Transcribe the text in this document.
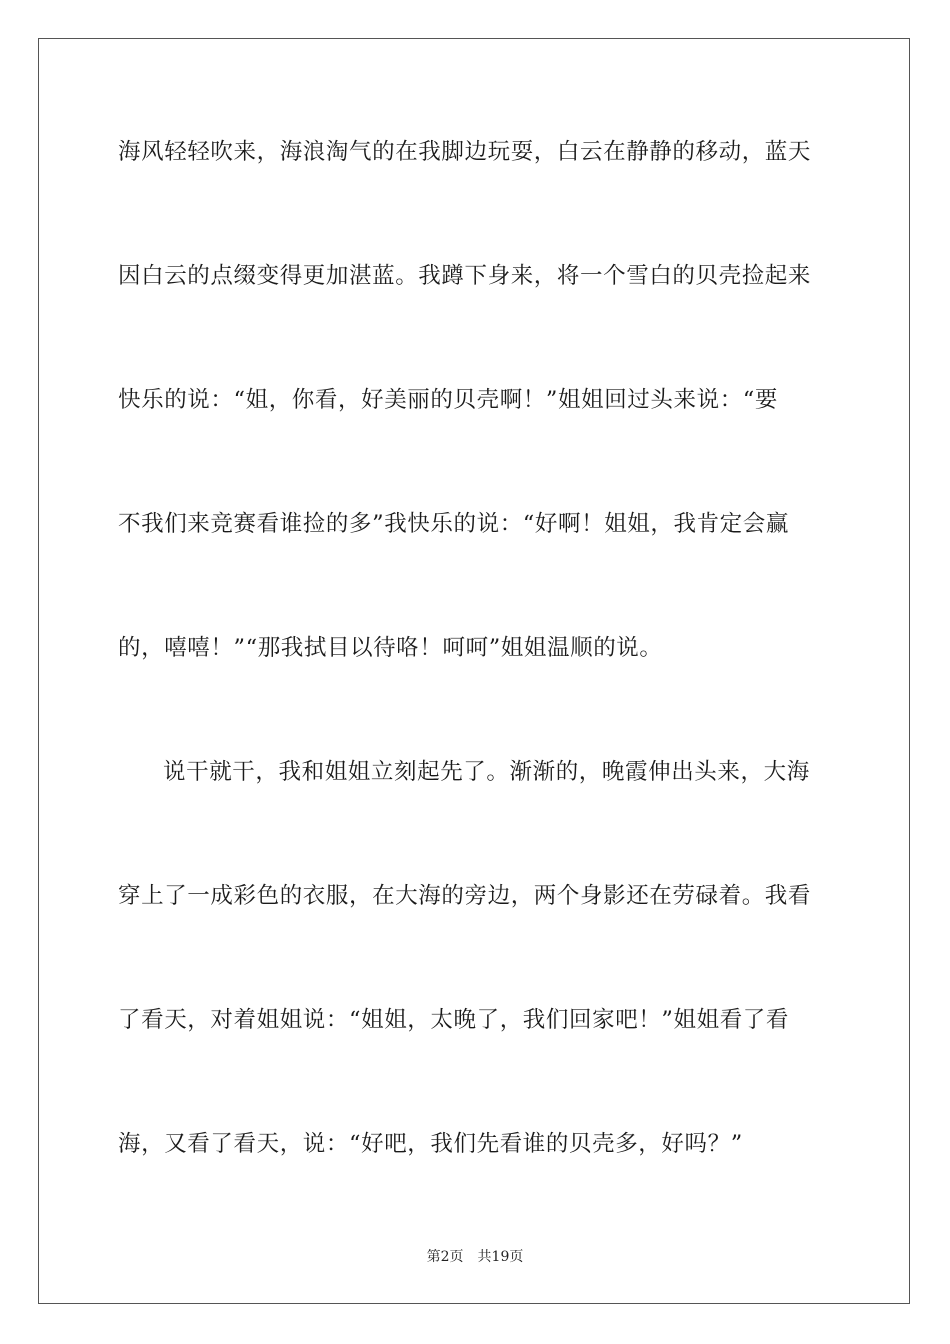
海风轻轻吹来，海浪淘气的在我脚边玩耍，白云在静静的移动，蓝天
因白云的点缀变得更加湛蓝。我蹲下身来，将一个雪白的贝壳捡起来
快乐的说：“姐，你看，好美丽的贝壳啊！”姐姐回过头来说：“要
不我们来竞赛看谁捡的多”我快乐的说：“好啊！姐姐，我肯定会赢
的，嘻嘻！”“那我拭目以待咯！呵呵”姐姐温顺的说。
说干就干，我和姐姐立刻起先了。渐渐的，晚霞伸出头来，大海
穿上了一成彩色的衣服，在大海的旁边，两个身影还在劳碌着。我看
了看天，对着姐姐说：“姐姐，太晚了，我们回家吧！”姐姐看了看
海，又看了看天，说：“好吧，我们先看谁的贝壳多，好吗？”
第2页 共19页
